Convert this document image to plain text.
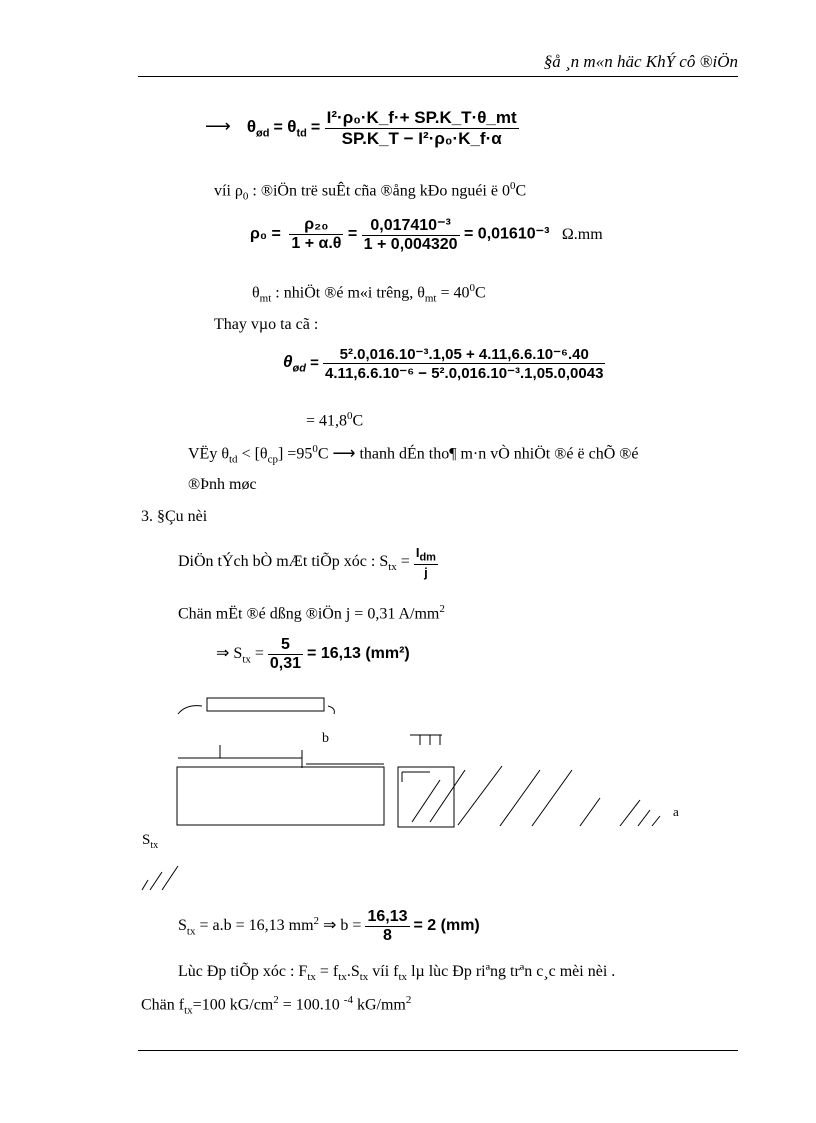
§å ¸n m«n häc KhÝ cô ®iÖn
⟶ $\theta_{ød} = \theta_{td} = \frac{\text{I²·ρ₀·K\_f·+ SP.K\_T·θ\_mt}}{\text{SP.K\_T − I²·ρ₀·K\_f·α}}$
víi $\rho_0$ : ®iÖn trë suÊt cña ®ång kÐo nguéi ë $0^0C$
$\rho_0 = \frac{\text{ρ₂₀}}{1 + \alpha.\theta} = \frac{\text{0,017410⁻³}}{1 + 0,004320} = 0,01610^{-3}$ Ω.mm
$\theta_{mt}$ : nhiÖt ®é m«i trêng, $\theta_{mt} = 40^0C$
Thay vµo ta cã :
$\theta_{ød} = \frac{\text{5².0,016.10⁻³.1,05 + 4.11,6.6.10⁻⁶.40}}{\text{4.11,6.6.10⁻⁶ − 5².0,016.10⁻³.1,05.0,0043}}$
= $41,8^0C$
VËy $\theta_{td} < [\theta_{cp}] =95^0C$ ⟶ thanh dÉn tho¶ m·n vÒ nhiÖt ®é ë chÕ ®é
®Þnh møc
3. §Çu nèi
DiÖn tÝch bÒ mÆt tiÕp xóc : $S_{tx} = \frac{I_{dm}}{j}$
Chän mËt ®é dßng ®iÖn j = 0,31 $A/mm^2$
⇒ $S_{tx} = \frac{5}{0,31} = 16,13$ (mm²)
b
a
$S_{tx}$
$S_{tx} = a.b = 16,13$ $mm^2$ ⇒ $b = \frac{16,13}{8} = 2$ (mm)
Lùc Ðp tiÕp xóc : $F_{tx} = f_{tx}.S_{tx}$ víi $f_{tx}$ lµ lùc Ðp riªng trªn c¸c mèi nèi .
Chän $f_{tx}=100$ $kG/cm^2 = 100.10$ $^{-4}$ $kG/mm^2$
